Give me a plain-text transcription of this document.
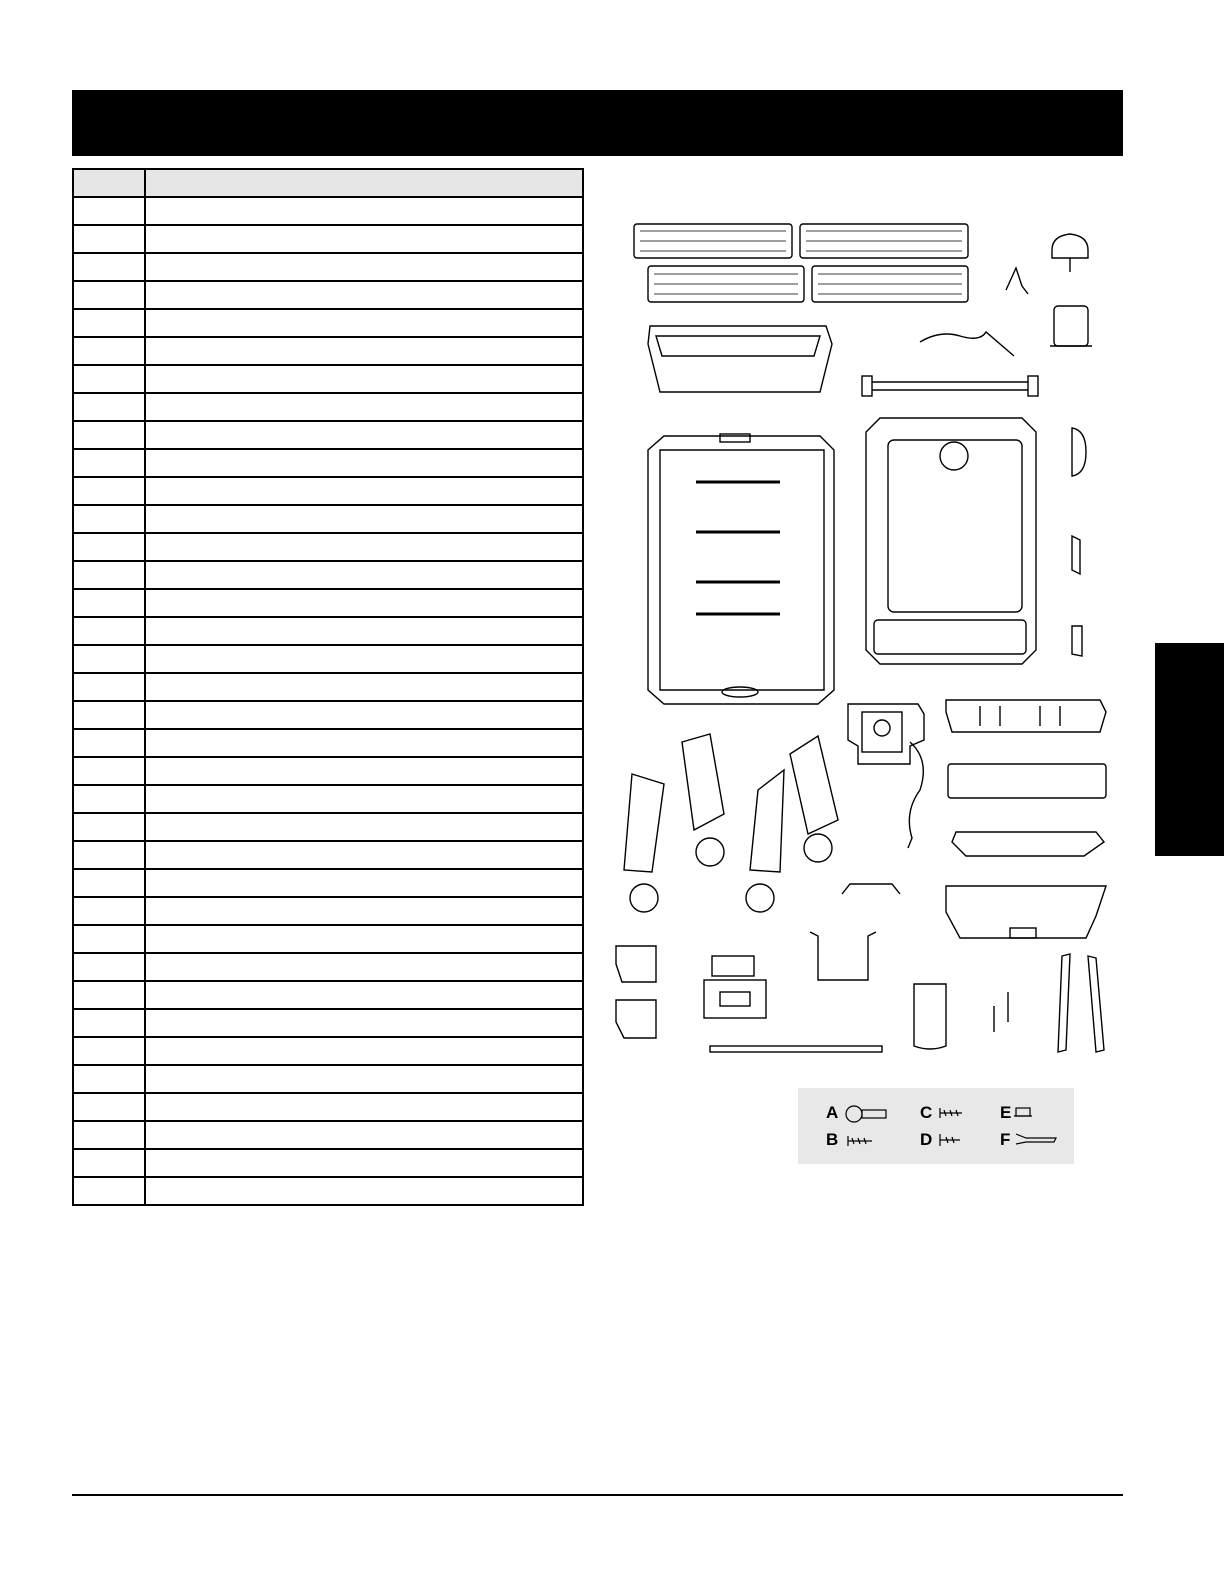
A
B
C
D
E
F
